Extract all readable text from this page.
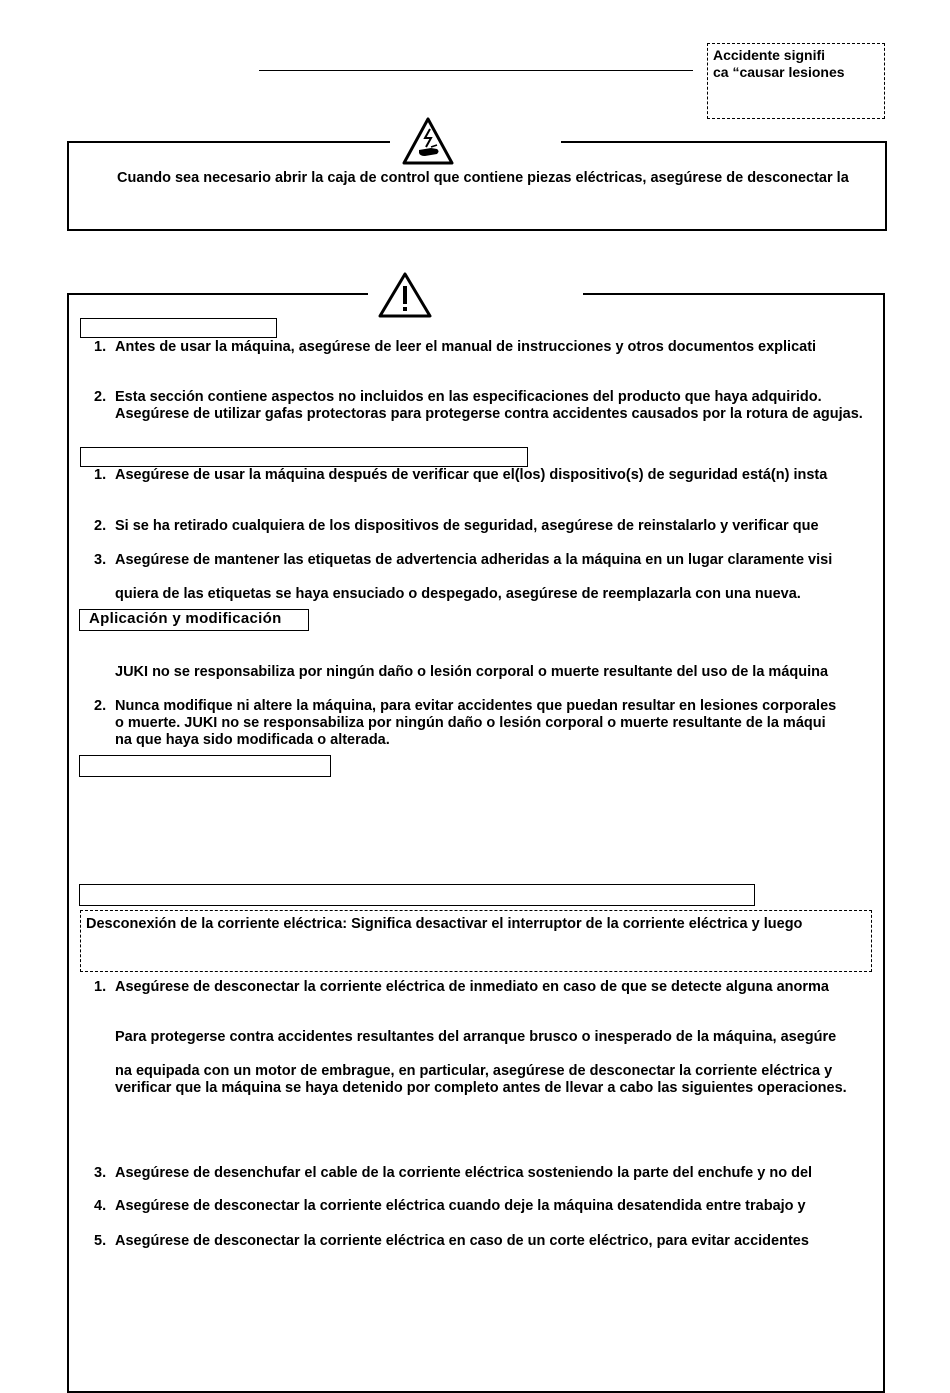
Accidente signifi
ca “causar lesiones
Cuando sea necesario abrir la caja de control que contiene piezas eléctricas, asegúrese de desconectar la
1. Antes de usar la máquina, asegúrese de leer el manual de instrucciones y otros documentos explicati
2. Esta sección contiene aspectos no incluidos en las especificaciones del producto que haya adquirido.
Asegúrese de utilizar gafas protectoras para protegerse contra accidentes causados por la rotura de agujas.
1. Asegúrese de usar la máquina después de verificar que el(los) dispositivo(s) de seguridad está(n) insta
2. Si se ha retirado cualquiera de los dispositivos de seguridad, asegúrese de reinstalarlo y verificar que
3. Asegúrese de mantener las etiquetas de advertencia adheridas a la máquina en un lugar claramente visi
quiera de las etiquetas se haya ensuciado o despegado, asegúrese de reemplazarla con una nueva.
Aplicación y modificación
JUKI no se responsabiliza por ningún daño o lesión corporal o muerte resultante del uso de la máquina
2. Nunca modifique ni altere la máquina, para evitar accidentes que puedan resultar en lesiones corporales
o muerte. JUKI no se responsabiliza por ningún daño o lesión corporal o muerte resultante de la máqui
na que haya sido modificada o alterada.
Desconexión de la corriente eléctrica: Significa desactivar el interruptor de la corriente eléctrica y luego
1. Asegúrese de desconectar la corriente eléctrica de inmediato en caso de que se detecte alguna anorma
Para protegerse contra accidentes resultantes del arranque brusco o inesperado de la máquina, asegúre
na equipada con un motor de embrague, en particular, asegúrese de desconectar la corriente eléctrica y
verificar que la máquina se haya detenido por completo antes de llevar a cabo las siguientes operaciones.
3. Asegúrese de desenchufar el cable de la corriente eléctrica sosteniendo la parte del enchufe y no del
4. Asegúrese de desconectar la corriente eléctrica cuando deje la máquina desatendida entre trabajo y
5. Asegúrese de desconectar la corriente eléctrica en caso de un corte eléctrico, para evitar accidentes
